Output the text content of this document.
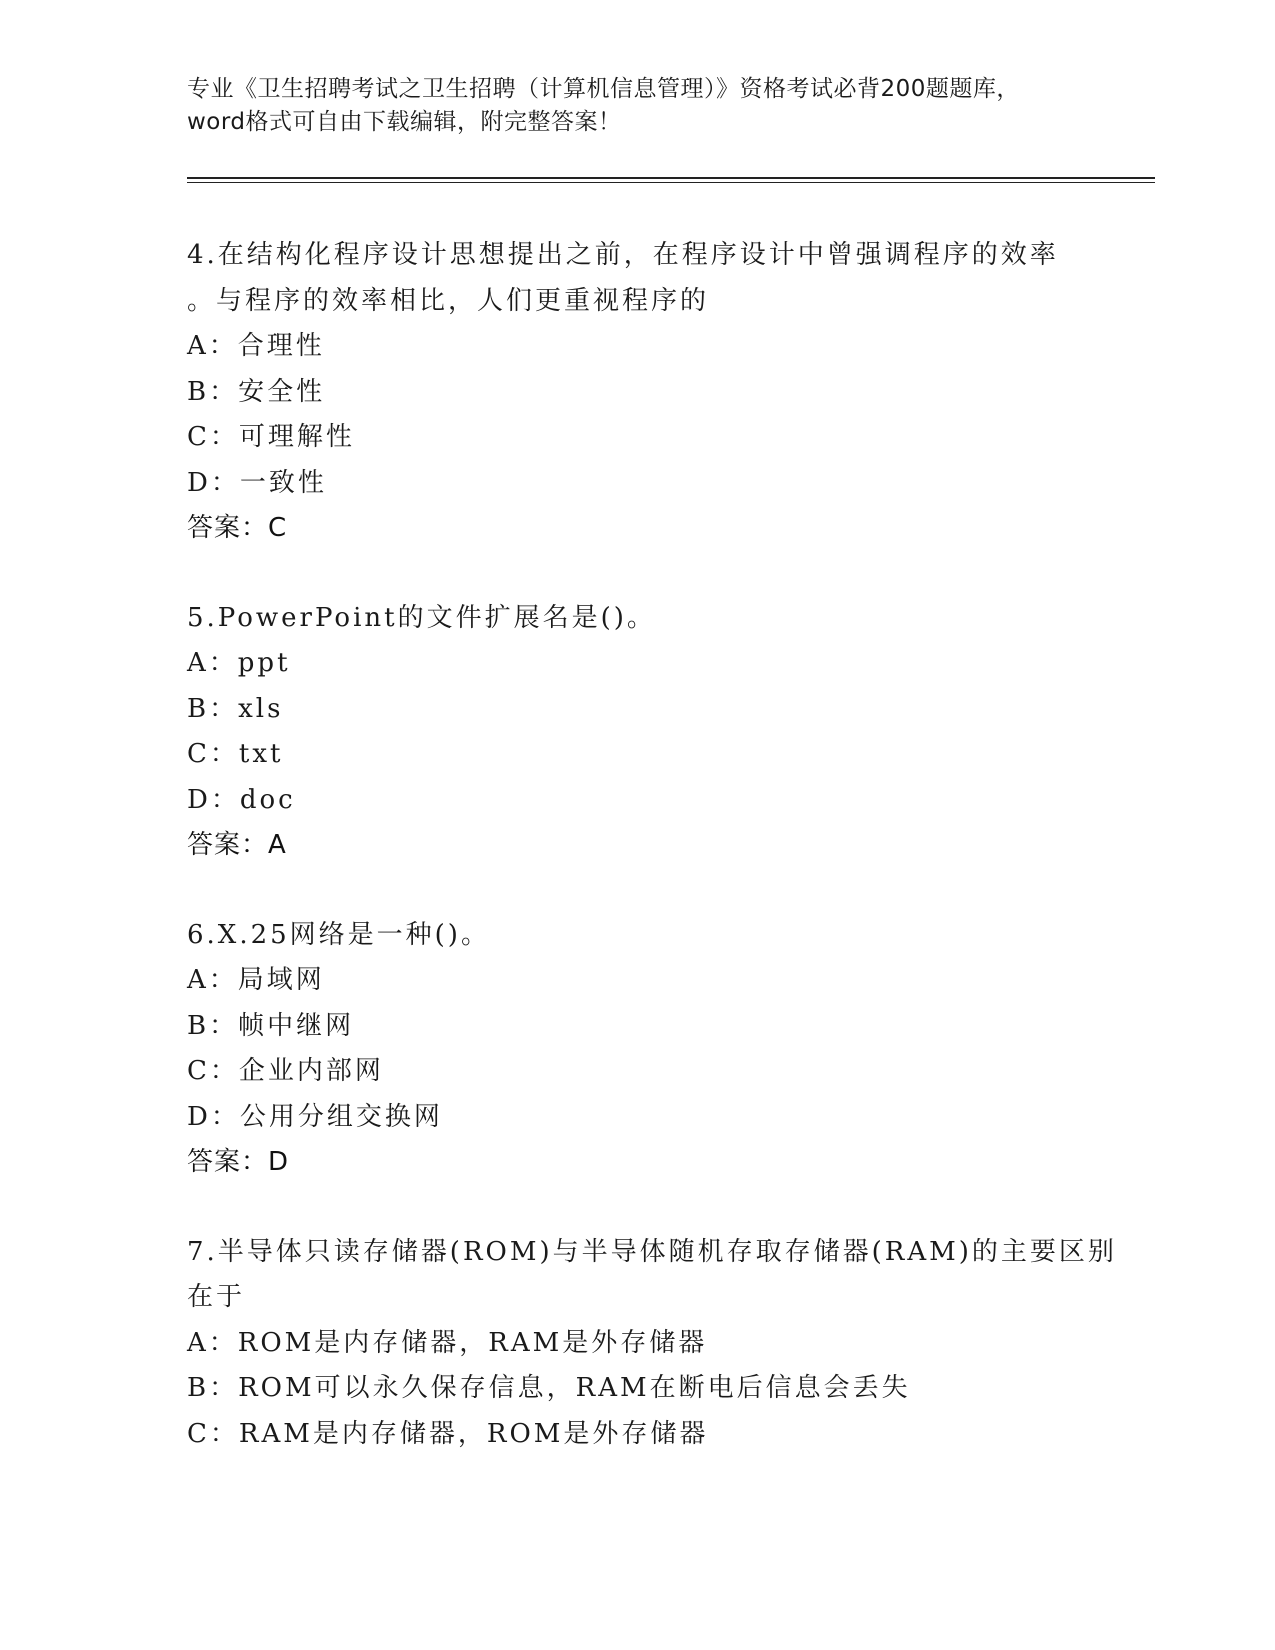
专业《卫生招聘考试之卫生招聘（计算机信息管理）》资格考试必背200题题库，
word格式可自由下载编辑，附完整答案！
4.在结构化程序设计思想提出之前，在程序设计中曾强调程序的效率
。与程序的效率相比，人们更重视程序的
A：合理性
B：安全性
C：可理解性
D：一致性
答案：C
5.PowerPoint的文件扩展名是()。
A：ppt
B：xls
C：txt
D：doc
答案：A
6.X.25网络是一种()。
A：局域网
B：帧中继网
C：企业内部网
D：公用分组交换网
答案：D
7.半导体只读存储器(ROM)与半导体随机存取存储器(RAM)的主要区别
在于
A：ROM是内存储器，RAM是外存储器
B：ROM可以永久保存信息，RAM在断电后信息会丢失
C：RAM是内存储器，ROM是外存储器
